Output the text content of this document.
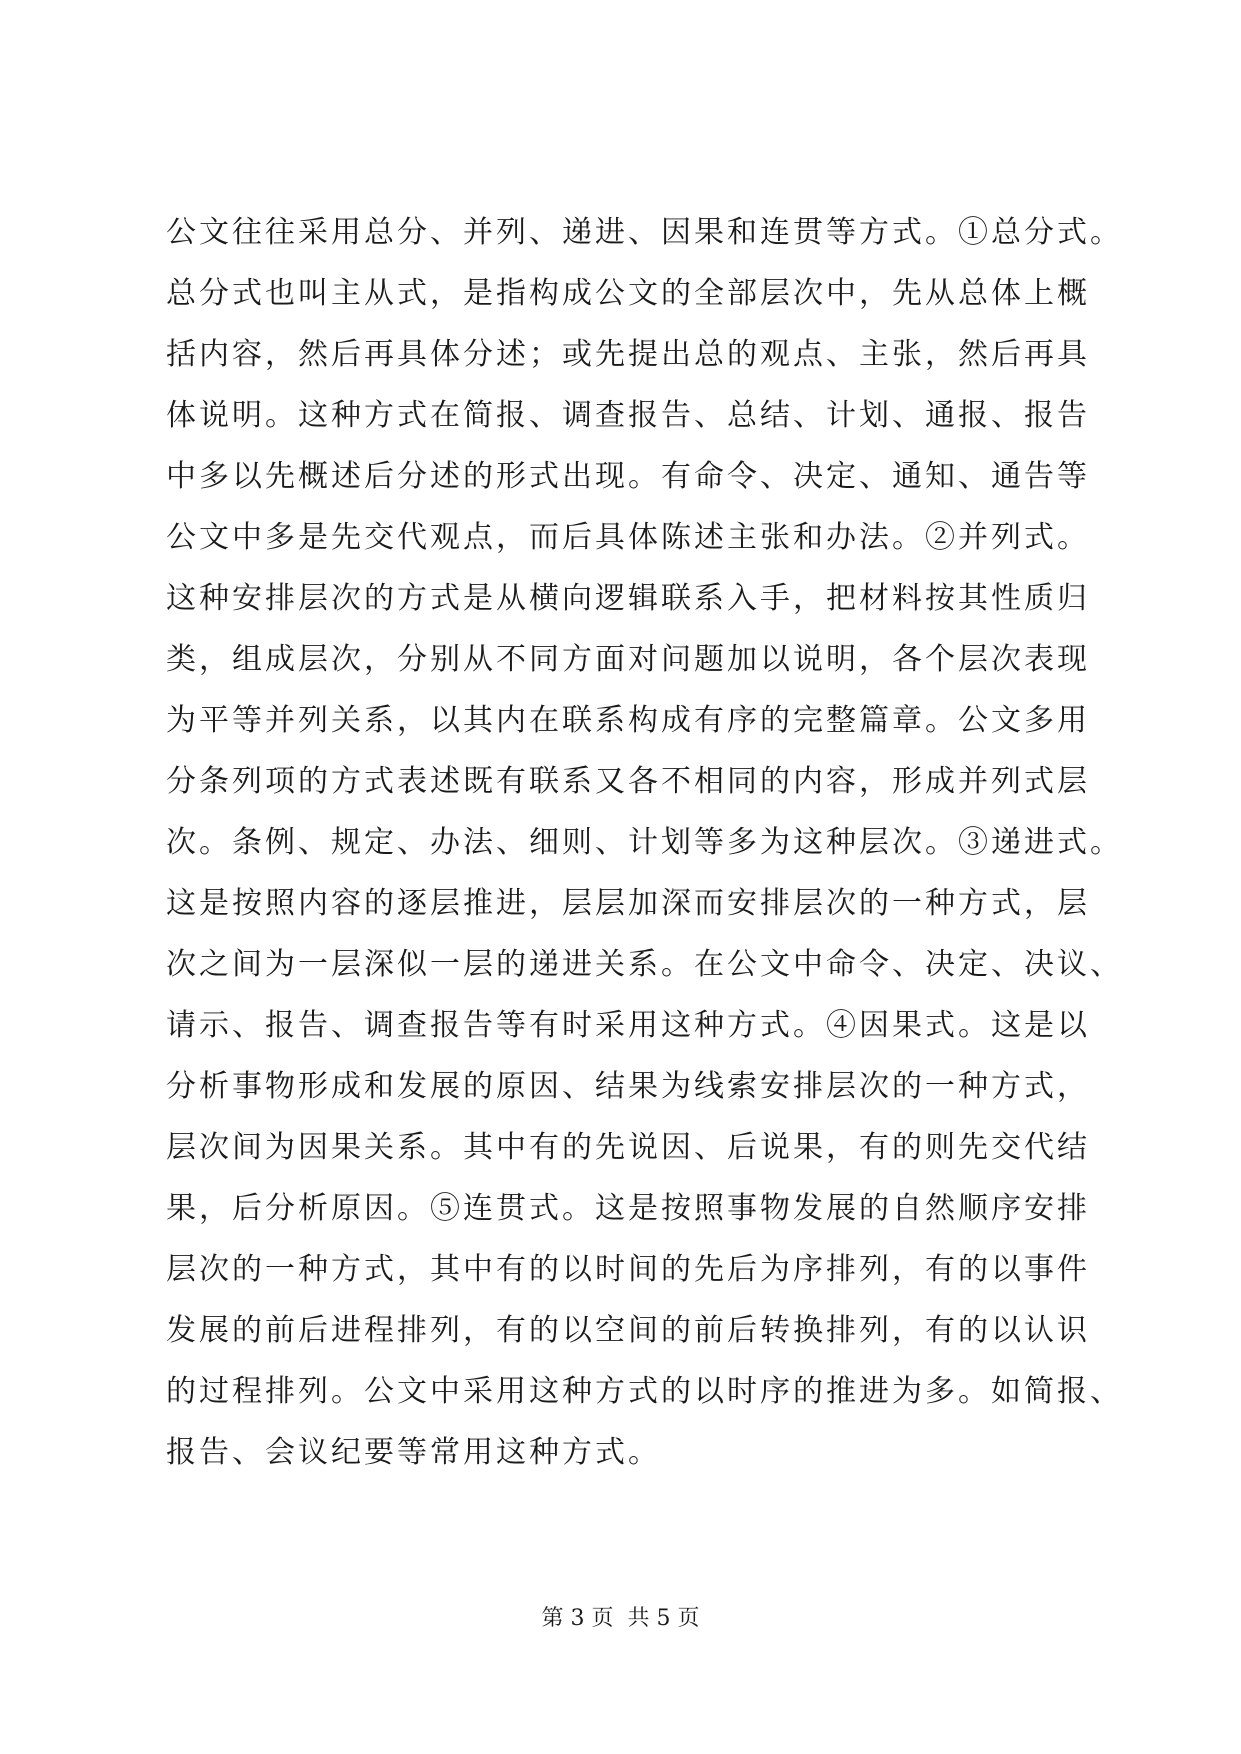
公文往往采用总分、并列、递进、因果和连贯等方式。①总分式。
总分式也叫主从式，是指构成公文的全部层次中，先从总体上概
括内容，然后再具体分述；或先提出总的观点、主张，然后再具
体说明。这种方式在简报、调查报告、总结、计划、通报、报告
中多以先概述后分述的形式出现。有命令、决定、通知、通告等
公文中多是先交代观点，而后具体陈述主张和办法。②并列式。
这种安排层次的方式是从横向逻辑联系入手，把材料按其性质归
类，组成层次，分别从不同方面对问题加以说明，各个层次表现
为平等并列关系，以其内在联系构成有序的完整篇章。公文多用
分条列项的方式表述既有联系又各不相同的内容，形成并列式层
次。条例、规定、办法、细则、计划等多为这种层次。③递进式。
这是按照内容的逐层推进，层层加深而安排层次的一种方式，层
次之间为一层深似一层的递进关系。在公文中命令、决定、决议、
请示、报告、调查报告等有时采用这种方式。④因果式。这是以
分析事物形成和发展的原因、结果为线索安排层次的一种方式，
层次间为因果关系。其中有的先说因、后说果，有的则先交代结
果，后分析原因。⑤连贯式。这是按照事物发展的自然顺序安排
层次的一种方式，其中有的以时间的先后为序排列，有的以事件
发展的前后进程排列，有的以空间的前后转换排列，有的以认识
的过程排列。公文中采用这种方式的以时序的推进为多。如简报、
报告、会议纪要等常用这种方式。
第 3 页 共 5 页
